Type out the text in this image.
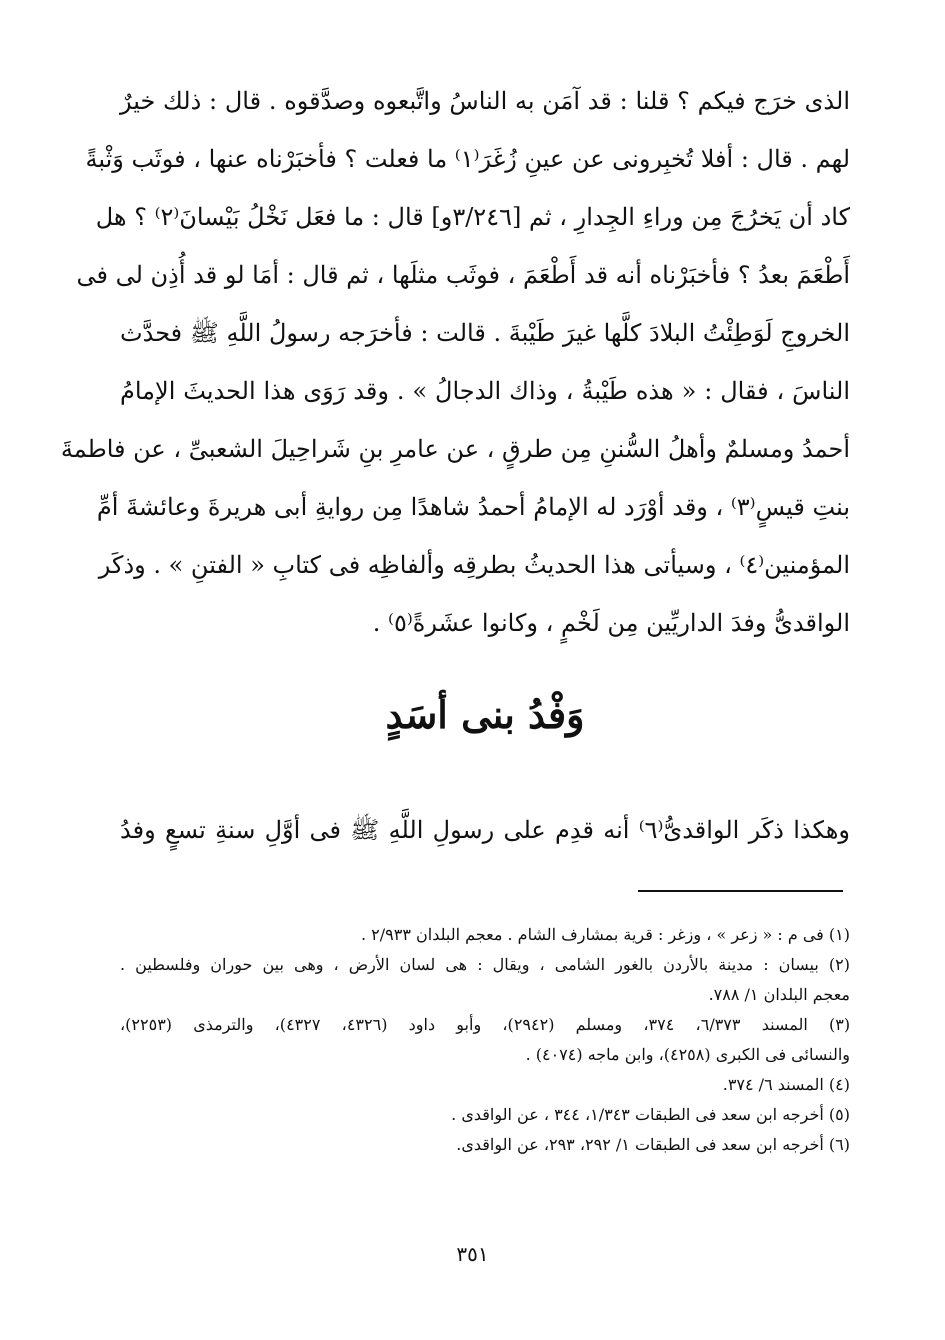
الذى خرَج فيكم ؟ قلنا : قد آمَن به الناسُ واتَّبعوه وصدَّقوه . قال : ذلك خيرٌ
لهم . قال : أفلا تُخبِرونى عن عينِ زُغَرَ⁽١⁾ ما فعلت ؟ فأخبَرْناه عنها ، فوثَب وَثْبةً
كاد أن يَخرُجَ مِن وراءِ الجِدارِ ، ثم [٣/٢٤٦و] قال : ما فعَل نَخْلُ بَيْسانَ⁽٢⁾ ؟ هل
أَطْعَمَ بعدُ ؟ فأخبَرْناه أنه قد أَطْعَمَ ، فوثَب مثلَها ، ثم قال : أمَا لو قد أُذِن لى فى
الخروجِ لَوَطِئْتُ البلادَ كلَّها غيرَ طَيْبةَ . قالت : فأخرَجه رسولُ اللَّهِ ﷺ فحدَّث
الناسَ ، فقال : « هذه طَيْبةُ ، وذاك الدجالُ » . وقد رَوَى هذا الحديثَ الإمامُ
أحمدُ ومسلمٌ وأهلُ السُّننِ مِن طرقٍ ، عن عامرِ بنِ شَراحِيلَ الشعبىِّ ، عن فاطمةَ
بنتِ قيسٍ⁽٣⁾ ، وقد أوْرَد له الإمامُ أحمدُ شاهدًا مِن روايةِ أبى هريرةَ وعائشةَ أمِّ
المؤمنين⁽٤⁾ ، وسيأتى هذا الحديثُ بطرقِه وألفاظِه فى كتابِ « الفتنِ » . وذكَر
الواقدىُّ وفدَ الداريِّين مِن لَخْمٍ ، وكانوا عشَرةً⁽٥⁾ .
وَفْدُ بنى أسَدٍ

وهكذا ذكَر الواقدىُّ⁽٦⁾ أنه قدِم على رسولِ اللَّهِ ﷺ فى أوَّلِ سنةِ تسعٍ وفدُ

(١) فى م : « زعر » ، وزغر : قرية بمشارف الشام . معجم البلدان ٢/٩٣٣ .
(٢) بيسان : مدينة بالأردن بالغور الشامى ، ويقال : هى لسان الأرض ، وهى بين حوران وفلسطين .
معجم البلدان ١/ ٧٨٨.
(٣) المسند ٦/٣٧٣، ٣٧٤، ومسلم (٢٩٤٢)، وأبو داود (٤٣٢٦، ٤٣٢٧)، والترمذى (٢٢٥٣)،
والنسائى فى الكبرى (٤٢٥٨)، وابن ماجه (٤٠٧٤) .
(٤) المسند ٦/ ٣٧٤.
(٥) أخرجه ابن سعد فى الطبقات ١/٣٤٣، ٣٤٤ ، عن الواقدى .
(٦) أخرجه ابن سعد فى الطبقات ١/ ٢٩٢، ٢٩٣، عن الواقدى.
٣٥١
